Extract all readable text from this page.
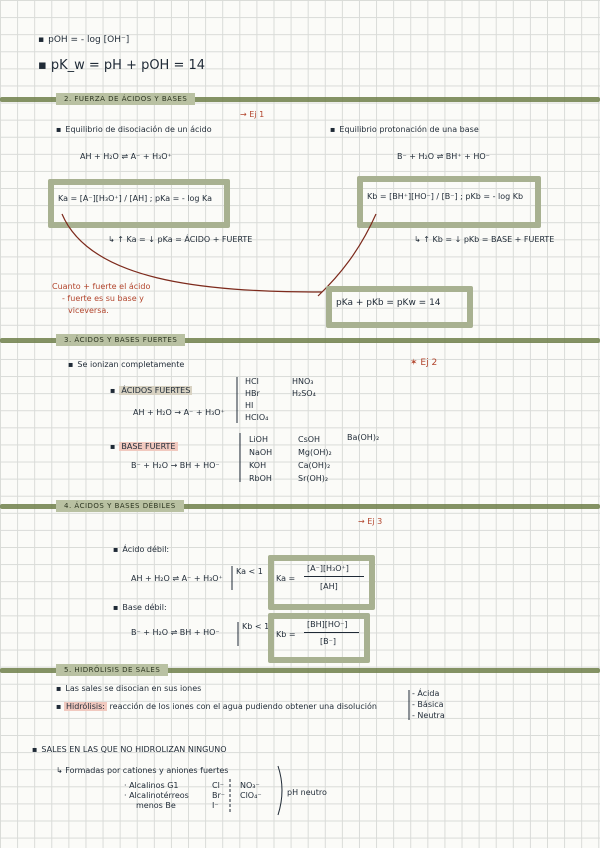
▪ pOH = - log [OH⁻]
▪ pK_w = pH + pOH = 14
2. FUERZA DE ÁCIDOS Y BASES
→ Ej 1
▪ Equilibrio de disociación de un ácido
AH + H₂O ⇌ A⁻ + H₃O⁺
▪ Equilibrio protonación de una base
B⁻ + H₂O ⇌ BH⁺ + HO⁻
Ka = [A⁻][H₃O⁺] / [AH] ; pKa = - log Ka	Kb = [BH⁺][HO⁻] / [B⁻] ; pKb = - log Kb
↳ ↑ Ka = ↓ pKa = ÁCIDO + FUERTE	↳ ↑ Kb = ↓ pKb = BASE + FUERTE
Cuanto + fuerte el ácido
- fuerte es su base y
viceversa.
pKa + pKb = pKw = 14
3. ÁCIDOS Y BASES FUERTES
▪ Se ionizan completamente	✶ Ej 2
▪ ÁCIDOS FUERTES
HCl
HBr
HI
HClO₄
HNO₃
H₂SO₄
AH + H₂O → A⁻ + H₃O⁺
▪ BASE FUERTE
LiOH
NaOH
KOH
RbOH
CsOH
Mg(OH)₂
Ca(OH)₂
Sr(OH)₂
Ba(OH)₂
B⁻ + H₂O → BH + HO⁻
4. ÁCIDOS Y BASES DÉBILES
→ Ej 3
▪ Ácido débil:
AH + H₂O ⇌ A⁻ + H₃O⁺
Ka < 1
Ka =
[A⁻][H₃O⁺]
[AH]
▪ Base débil:
B⁻ + H₂O ⇌ BH + HO⁻
Kb < 1
Kb =
[BH][HO⁻]
[B⁻]
5. HIDRÓLISIS DE SALES
▪ Las sales se disocian en sus iones
▪ Hidrólisis: reacción de los iones con el agua pudiendo obtener una disolución
- Ácida
- Básica
- Neutra
▪ SALES EN LAS QUE NO HIDROLIZAN NINGUNO
↳ Formadas por cationes y aniones fuertes
· Alcalinos G1
· Alcalinotérreos
menos Be
Cl⁻
Br⁻
I⁻
NO₃⁻
ClO₄⁻	pH neutro
